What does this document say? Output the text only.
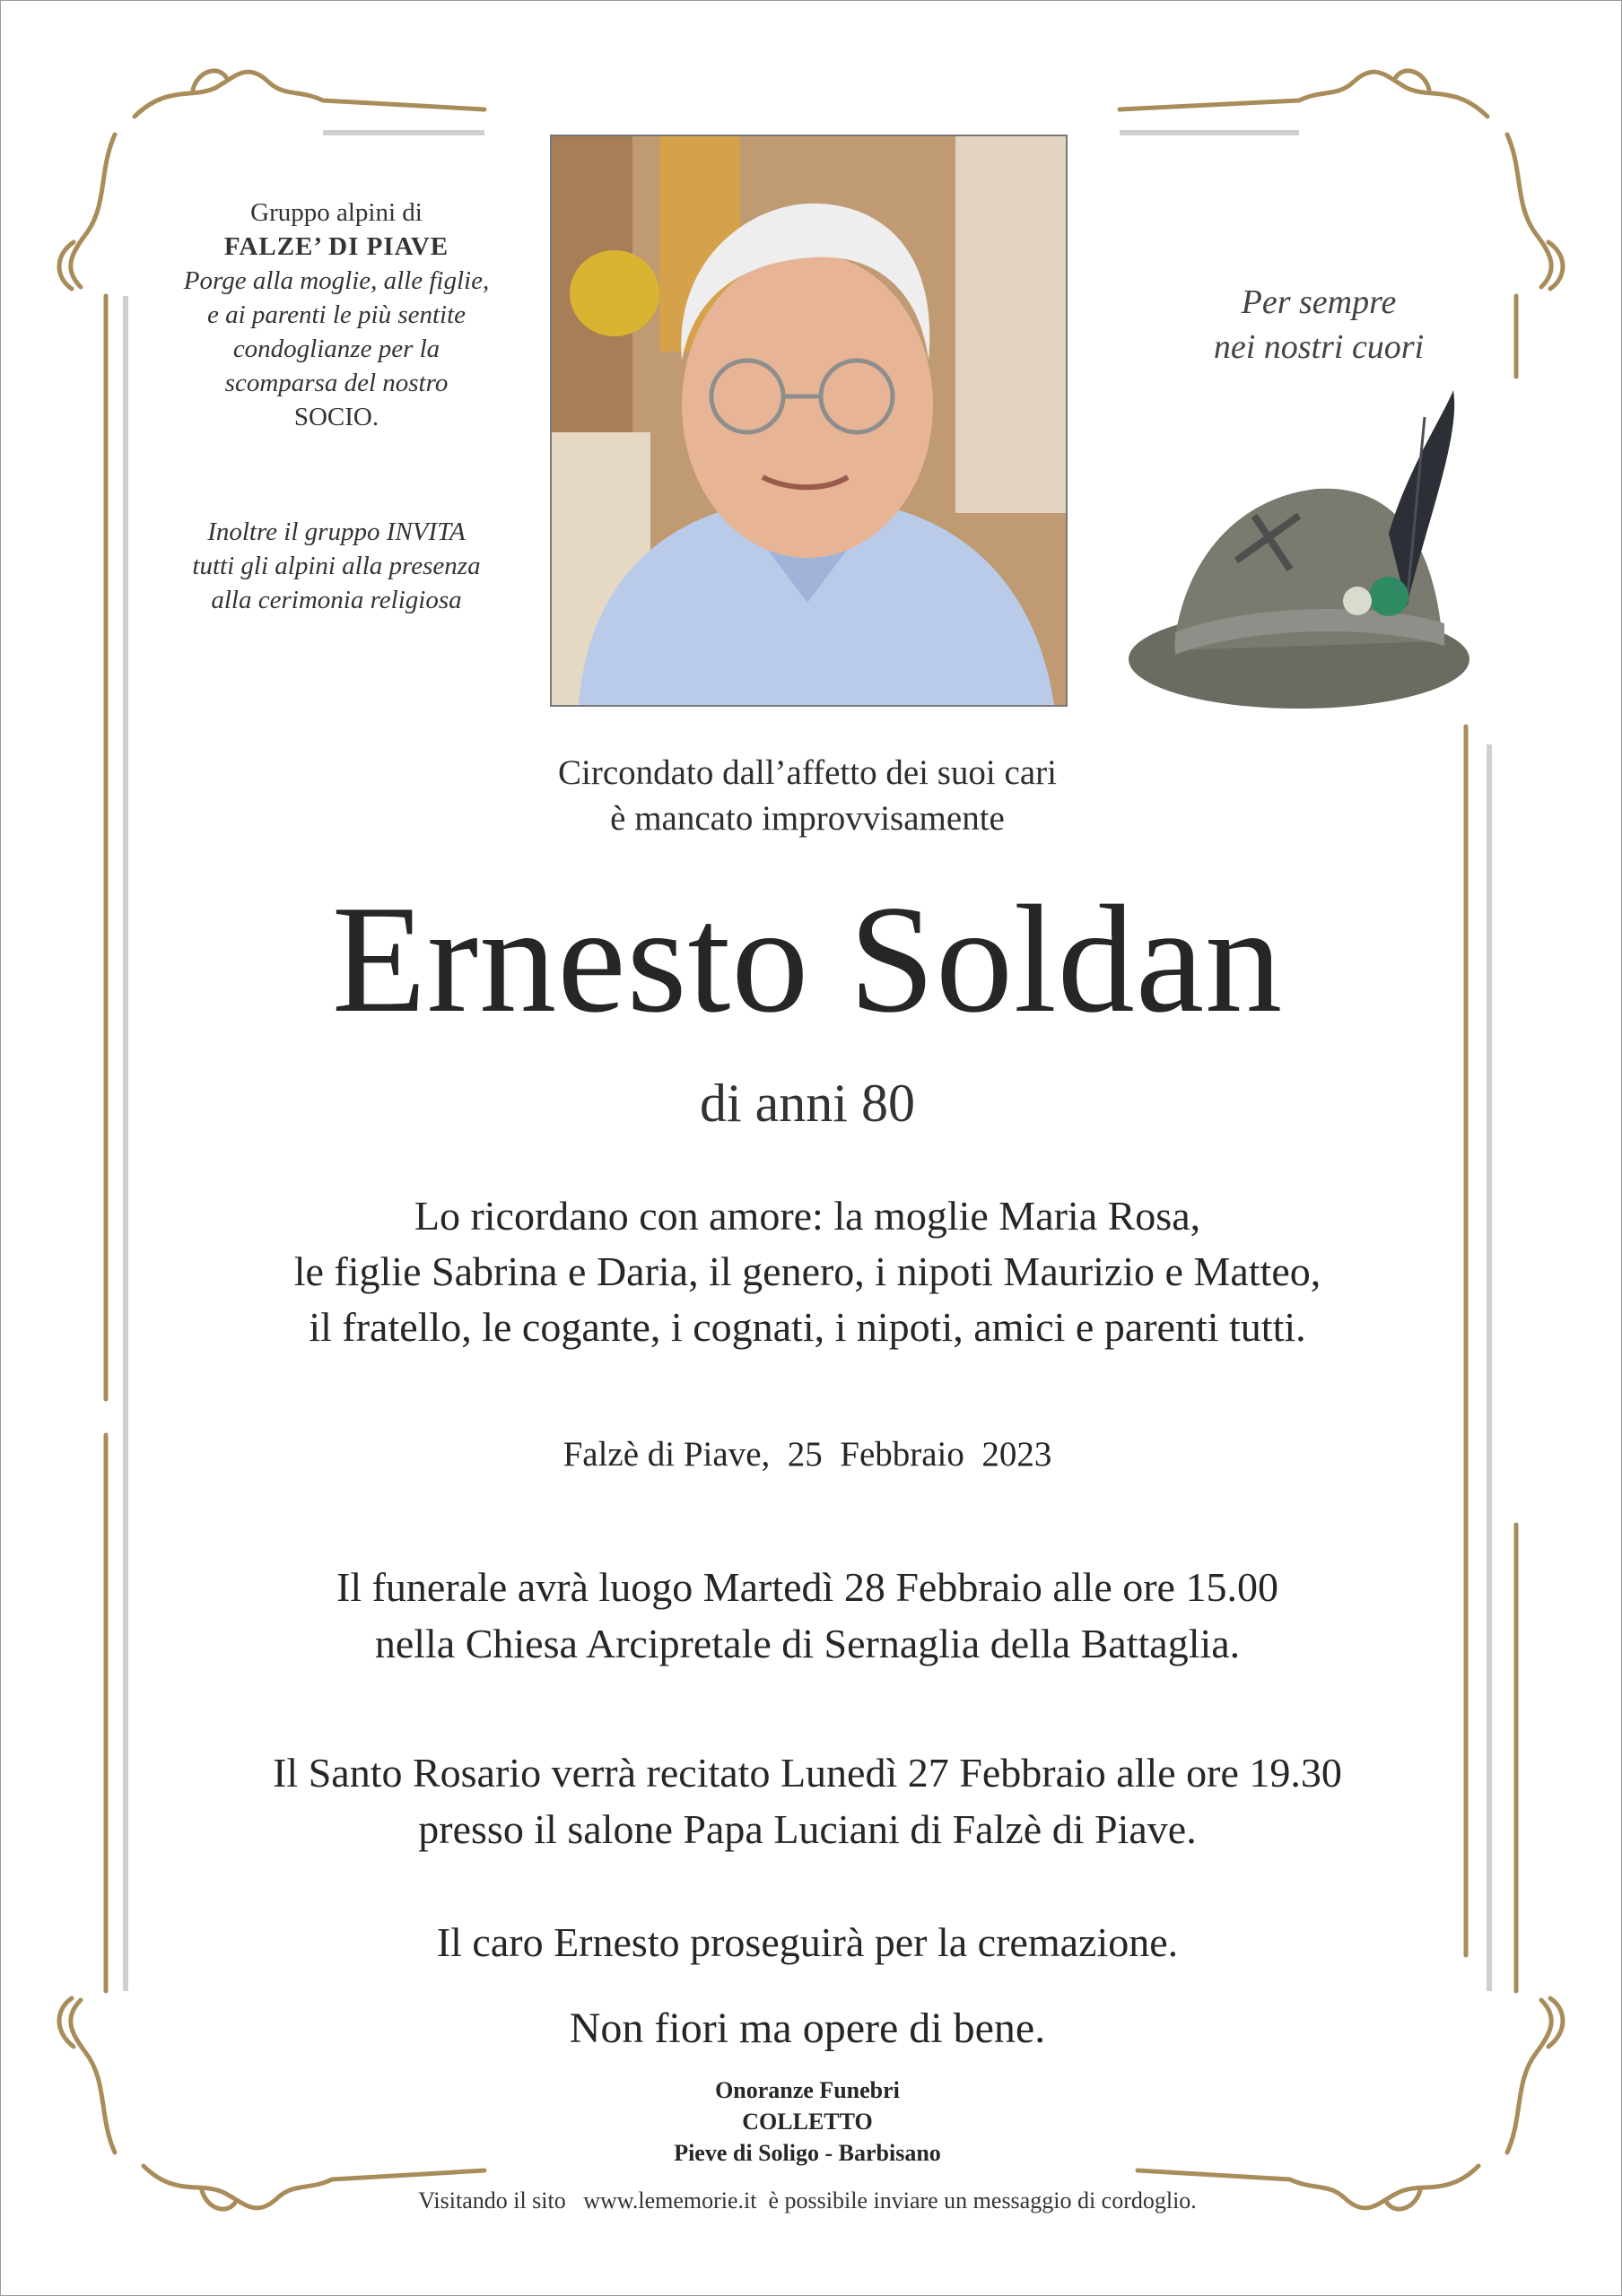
Gruppo alpini di
FALZE’ DI PIAVE
Porge alla moglie, alle figlie,
e ai parenti le più sentite
condoglianze per la
scomparsa del nostro
SOCIO.
Inoltre il gruppo INVITA
tutti gli alpini alla presenza
alla cerimonia religiosa
Per sempre
nei nostri cuori
Circondato dall’affetto dei suoi cari
è mancato improvvisamente
Ernesto Soldan
di anni 80
Lo ricordano con amore: la moglie Maria Rosa,
le figlie Sabrina e Daria, il genero, i nipoti Maurizio e Matteo,
il fratello, le cogante, i cognati, i nipoti, amici e parenti tutti.
Falzè di Piave,  25  Febbraio  2023
Il funerale avrà luogo Martedì 28 Febbraio alle ore 15.00
nella Chiesa Arcipretale di Sernaglia della Battaglia.
Il Santo Rosario verrà recitato Lunedì 27 Febbraio alle ore 19.30
presso il salone Papa Luciani di Falzè di Piave.
Il caro Ernesto proseguirà per la cremazione.
Non fiori ma opere di bene.
Onoranze Funebri
COLLETTO
Pieve di Soligo - Barbisano
Visitando il sito   www.lememorie.it  è possibile inviare un messaggio di cordoglio.
